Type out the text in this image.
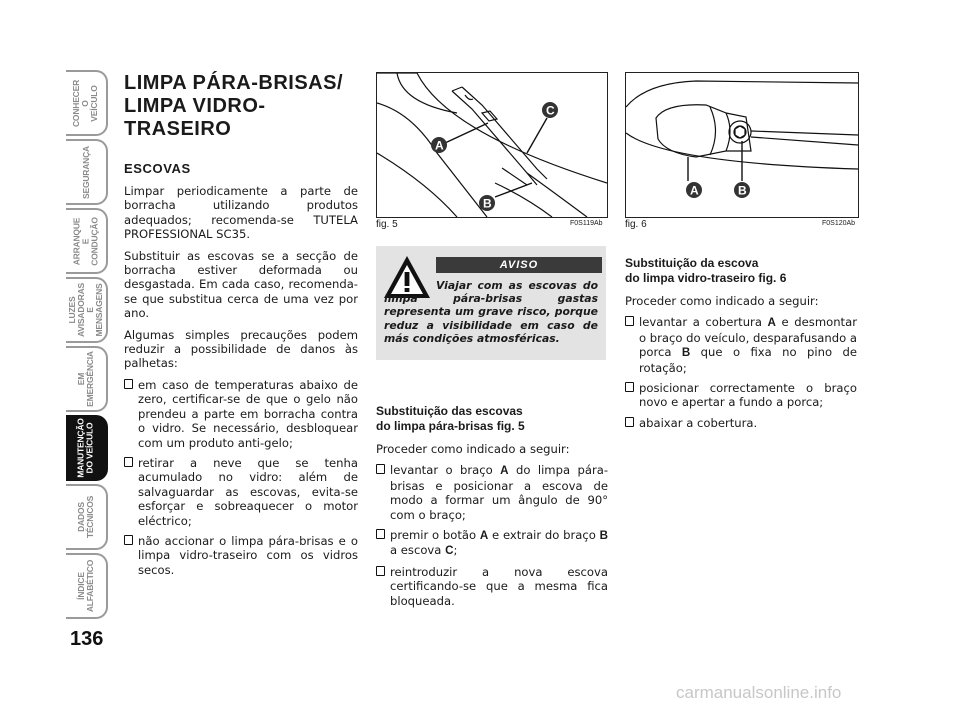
CONHECER O
VEÍCULO
SEGURANÇA
ARRANQUE
E CONDUÇÃO
LUZES
AVISADORAS
E MENSAGENS
EM
EMERGÊNCIA
MANUTENÇÃO
DO VEÍCULO
DADOS
TÉCNICOS
ÍNDICE
ALFABÉTICO
136
LIMPA PÁRA-BRISAS/
LIMPA VIDRO-
TRASEIRO
ESCOVAS

Limpar periodicamente a parte de borracha utilizando produtos adequados; recomenda-se TUTELA PROFESSIONAL SC35.

Substituir as escovas se a secção de borracha estiver deformada ou desgastada. Em cada caso, recomenda-se que substitua cerca de uma vez por ano.

Algumas simples precauções podem reduzir a possibilidade de danos às palhetas:

em caso de temperaturas abaixo de zero, certificar-se de que o gelo não prendeu a parte em borracha contra o vidro. Se necessário, desbloquear com um produto anti-gelo;
retirar a neve que se tenha acumulado no vidro: além de salvaguardar as escovas, evita-se esforçar e sobreaquecer o motor eléctrico;
não accionar o limpa pára-brisas e o limpa vidro-traseiro com os vidros secos.
A
B
C
fig. 5	F0S119Ab
A	B
fig. 6	F0S120Ab
AVISO
Viajar com as escovas do limpa pára-brisas gastas representa um grave risco, porque reduz a visibilidade em caso de más condições atmosféricas.
Substituição das escovas
do limpa pára-brisas fig. 5

Proceder como indicado a seguir:

levantar o braço A do limpa pára-brisas e posicionar a escova de modo a formar um ângulo de 90° com o braço;
premir o botão A e extrair do braço B a escova C;
reintroduzir a nova escova certificando-se que a mesma fica bloqueada.
Substituição da escova
do limpa vidro-traseiro fig. 6

Proceder como indicado a seguir:

levantar a cobertura A e desmontar o braço do veículo, desparafusando a porca B que o fixa no pino de rotação;
posicionar correctamente o braço novo e apertar a fundo a porca;
abaixar a cobertura.
carmanualsonline.info
